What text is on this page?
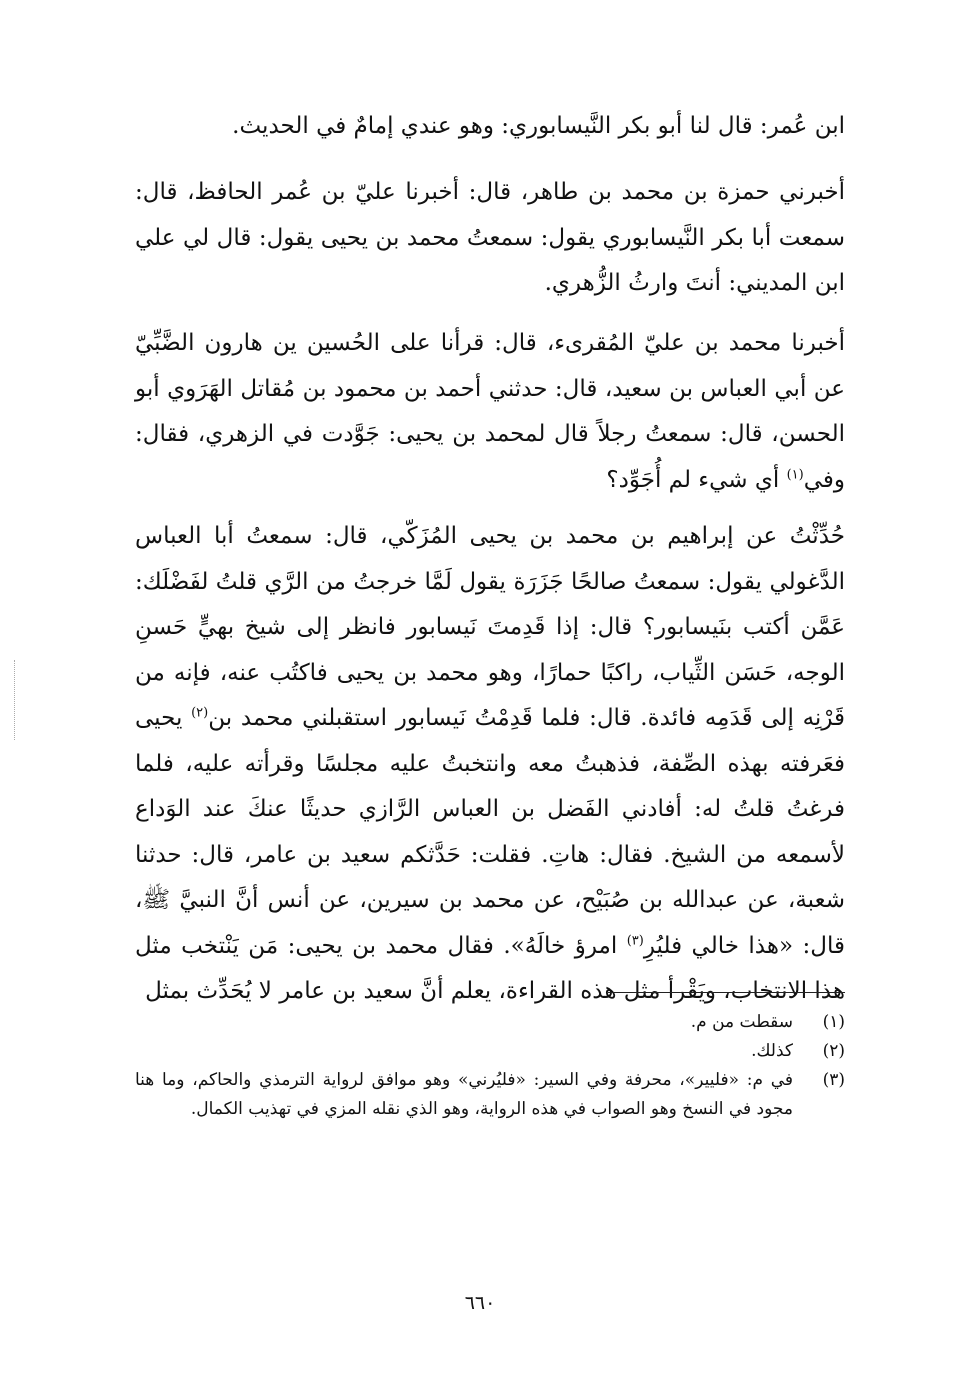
ابن عُمر: قال لنا أبو بكر النَّيسابوري: وهو عندي إمامٌ في الحديث.

أخبرني حمزة بن محمد بن طاهر، قال: أخبرنا عليّ بن عُمر الحافظ، قال: سمعت أبا بكر النَّيسابوري يقول: سمعتُ محمد بن يحيى يقول: قال لي علي ابن المديني: أنتَ وارثُ الزُّهري.

أخبرنا محمد بن عليّ المُقرىء، قال: قرأنا على الحُسين ين هارون الضَّبِّيّ عن أبي العباس بن سعيد، قال: حدثني أحمد بن محمود بن مُقاتل الهَرَوي أبو الحسن، قال: سمعتُ رجلاً قال لمحمد بن يحيى: جَوَّدت في الزهري، فقال: وفي$^{(١)}$ أي شيء لم أُجَوِّد؟

حُدِّثْتُ عن إبراهيم بن محمد بن يحيى المُزَكّي، قال: سمعتُ أبا العباس الدَّغولي يقول: سمعتُ صالحًا جَزَرَة يقول لَمَّا خرجتُ من الرَّي قلتُ لفَضْلَك: عَمَّن أكتب بنَيسابور؟ قال: إذا قَدِمتَ نَيسابور فانظر إلى شيخ بهيٍّ حَسنِ الوجه، حَسَن الثِّياب، راكبًا حمارًا، وهو محمد بن يحيى فاكتُب عنه، فإنه من قَرْنِه إلى قَدَمِه فائدة. قال: فلما قَدِمْتُ نَيسابور استقبلني محمد بن$^{(٢)}$ يحيى فعَرفته بهذه الصِّفة، فذهبتُ معه وانتخبتُ عليه مجلسًا وقرأته عليه، فلما فرغتُ قلتُ له: أفادني الفَضل بن العباس الرَّازي حديثًا عنكَ عند الوَداع لأسمعه من الشيخ. فقال: هاتِ. فقلت: حَدَّثكم سعيد بن عامر، قال: حدثنا شعبة، عن عبدالله بن صُبَيْح، عن محمد بن سيرين، عن أنس أنَّ النبيَّ ﷺ، قال: «هذا خالي فليُرِ$^{(٣)}$ امرؤ خالَهُ». فقال محمد بن يحيى: مَن يَنْتخب مثل هذا الانتخاب، ويَقْرأ مثل هذه القراءة، يعلم أنَّ سعيد بن عامر لا يُحَدِّث بمثل

(١)
سقطت من م.
(٢)
كذلك.
(٣)
في م: «فليير»، محرفة وفي السير: «فليُرني» وهو موافق لرواية الترمذي والحاكم، وما هنا مجود في النسخ وهو الصواب في هذه الرواية، وهو الذي نقله المزي في تهذيب الكمال.
٦٦٠
